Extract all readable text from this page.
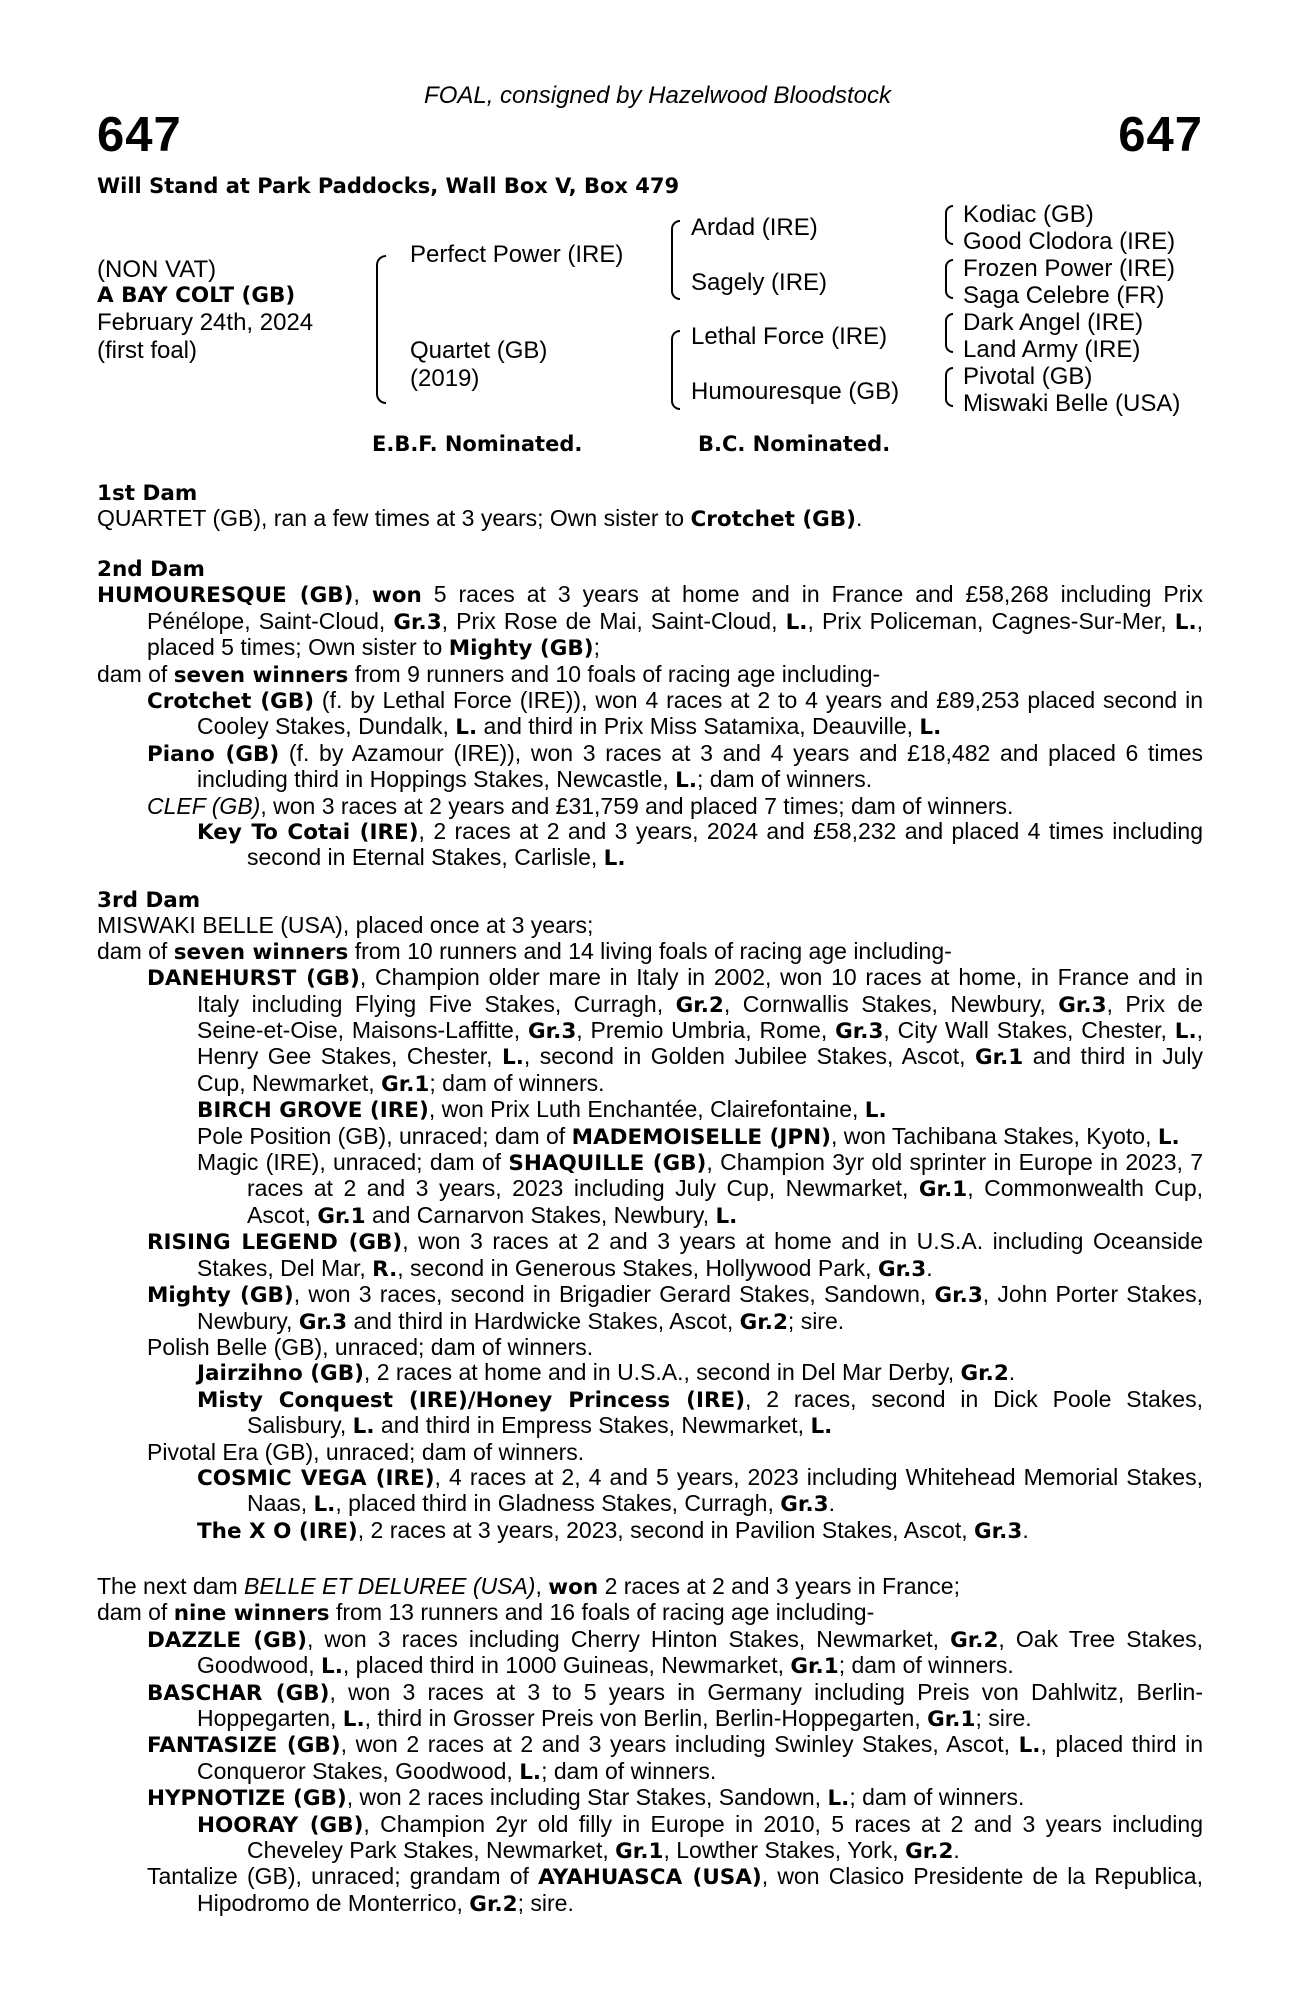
FOAL, consigned by Hazelwood Bloodstock
647	647
Will Stand at Park Paddocks, Wall Box V, Box 479
(NON VAT)
A BAY COLT (GB)
February 24th, 2024
(first foal)
Perfect Power (IRE)
Quartet (GB)
(2019)
Ardad (IRE)
Sagely (IRE)
Lethal Force (IRE)
Humouresque (GB)
Kodiac (GB)
Good Clodora (IRE)
Frozen Power (IRE)
Saga Celebre (FR)
Dark Angel (IRE)
Land Army (IRE)
Pivotal (GB)
Miswaki Belle (USA)
E.B.F. Nominated.	B.C. Nominated.

1st Dam

QUARTET (GB), ran a few times at 3 years; Own sister to Crotchet (GB).

2nd Dam

HUMOURESQUE (GB), won 5 races at 3 years at home and in France and £58,268 including Prix Pénélope, Saint-Cloud, Gr.3, Prix Rose de Mai, Saint-Cloud, L., Prix Policeman, Cagnes-Sur-Mer, L., placed 5 times; Own sister to Mighty (GB);

dam of seven winners from 9 runners and 10 foals of racing age including-

Crotchet (GB) (f. by Lethal Force (IRE)), won 4 races at 2 to 4 years and £89,253 placed second in Cooley Stakes, Dundalk, L. and third in Prix Miss Satamixa, Deauville, L.

Piano (GB) (f. by Azamour (IRE)), won 3 races at 3 and 4 years and £18,482 and placed 6 times including third in Hoppings Stakes, Newcastle, L.; dam of winners.

CLEF (GB), won 3 races at 2 years and £31,759 and placed 7 times; dam of winners.

Key To Cotai (IRE), 2 races at 2 and 3 years, 2024 and £58,232 and placed 4 times including second in Eternal Stakes, Carlisle, L.

3rd Dam

MISWAKI BELLE (USA), placed once at 3 years;

dam of seven winners from 10 runners and 14 living foals of racing age including-

DANEHURST (GB), Champion older mare in Italy in 2002, won 10 races at home, in France and in Italy including Flying Five Stakes, Curragh, Gr.2, Cornwallis Stakes, Newbury, Gr.3, Prix de Seine-et-Oise, Maisons-Laffitte, Gr.3, Premio Umbria, Rome, Gr.3, City Wall Stakes, Chester, L., Henry Gee Stakes, Chester, L., second in Golden Jubilee Stakes, Ascot, Gr.1 and third in July Cup, Newmarket, Gr.1; dam of winners.

BIRCH GROVE (IRE), won Prix Luth Enchantée, Clairefontaine, L.

Pole Position (GB), unraced; dam of MADEMOISELLE (JPN), won Tachibana Stakes, Kyoto, L.

Magic (IRE), unraced; dam of SHAQUILLE (GB), Champion 3yr old sprinter in Europe in 2023, 7 races at 2 and 3 years, 2023 including July Cup, Newmarket, Gr.1, Commonwealth Cup, Ascot, Gr.1 and Carnarvon Stakes, Newbury, L.

RISING LEGEND (GB), won 3 races at 2 and 3 years at home and in U.S.A. including Oceanside Stakes, Del Mar, R., second in Generous Stakes, Hollywood Park, Gr.3.

Mighty (GB), won 3 races, second in Brigadier Gerard Stakes, Sandown, Gr.3, John Porter Stakes, Newbury, Gr.3 and third in Hardwicke Stakes, Ascot, Gr.2; sire.

Polish Belle (GB), unraced; dam of winners.

Jairzihno (GB), 2 races at home and in U.S.A., second in Del Mar Derby, Gr.2.

Misty Conquest (IRE)/Honey Princess (IRE), 2 races, second in Dick Poole Stakes, Salisbury, L. and third in Empress Stakes, Newmarket, L.

Pivotal Era (GB), unraced; dam of winners.

COSMIC VEGA (IRE), 4 races at 2, 4 and 5 years, 2023 including Whitehead Memorial Stakes, Naas, L., placed third in Gladness Stakes, Curragh, Gr.3.

The X O (IRE), 2 races at 3 years, 2023, second in Pavilion Stakes, Ascot, Gr.3.

The next dam BELLE ET DELUREE (USA), won 2 races at 2 and 3 years in France;

dam of nine winners from 13 runners and 16 foals of racing age including-

DAZZLE (GB), won 3 races including Cherry Hinton Stakes, Newmarket, Gr.2, Oak Tree Stakes, Goodwood, L., placed third in 1000 Guineas, Newmarket, Gr.1; dam of winners.

BASCHAR (GB), won 3 races at 3 to 5 years in Germany including Preis von Dahlwitz, Berlin-Hoppegarten, L., third in Grosser Preis von Berlin, Berlin-Hoppegarten, Gr.1; sire.

FANTASIZE (GB), won 2 races at 2 and 3 years including Swinley Stakes, Ascot, L., placed third in Conqueror Stakes, Goodwood, L.; dam of winners.

HYPNOTIZE (GB), won 2 races including Star Stakes, Sandown, L.; dam of winners.

HOORAY (GB), Champion 2yr old filly in Europe in 2010, 5 races at 2 and 3 years including Cheveley Park Stakes, Newmarket, Gr.1, Lowther Stakes, York, Gr.2.

Tantalize (GB), unraced; grandam of AYAHUASCA (USA), won Clasico Presidente de la Republica, Hipodromo de Monterrico, Gr.2; sire.
